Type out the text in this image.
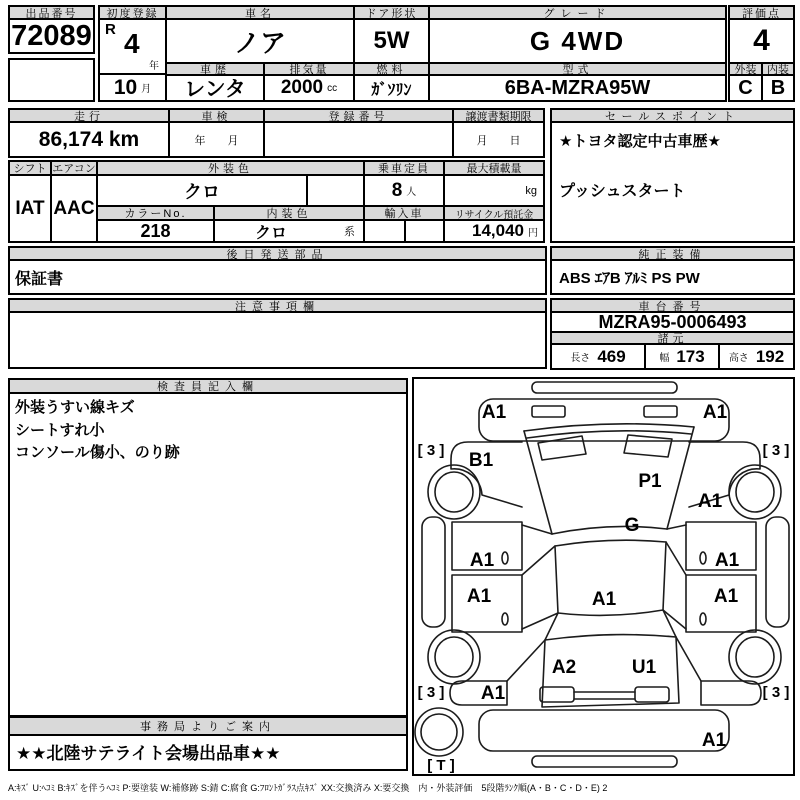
出品番号
72089
初度登録
R 4
年
10 月
車名
ノア
ドア形状
5W
グレード
G 4WD
評価点
4
車歴
レンタ
排気量
2000 cc
燃料
ｶﾞｿﾘﾝ
型式
6BA-MZRA95W
外装 内装
C B
走行
86,174 km
車検
年　　月
登録番号	譲渡書類期限
月　　日
セールスポイント
★トヨタ認定中古車歴★
プッシュスタート
シフト
IAT
エアコン
AAC
外装色
クロ
乗車定員
8 人
最大積載量
kg
カラーNo.
218
内装色
クロ	系
輸入車	リサイクル預託金
14,040 円
後日発送部品
保証書
純正装備
ABS ｴｱB ｱﾙﾐ PS PW
注意事項欄	車台番号
MZRA95-0006493
諸元
長さ 469	幅 173 高さ 192
検査員記入欄
外装うすい線キズ
シートすれ小
コンソール傷小、のり跡
事務局よりご案内
★★北陸サテライト会場出品車★★
A1	A1
[ 3 ]	[ 3 ]
B1
P1
A1
G
A1	A1
A1	A1	A1
A2	U1
A1
[ 3 ]	[ 3 ]
A1
[ T ]
A:ｷｽﾞ U:ﾍｺﾐ B:ｷｽﾞを伴うﾍｺﾐ P:要塗装 W:補修跡 S:錆 C:腐食 G:ﾌﾛﾝﾄｶﾞﾗｽ点ｷｽﾞ XX:交換済み X:要交換　内・外装評価　5段階ﾗﾝｸ順(A・B・C・D・E) 2
